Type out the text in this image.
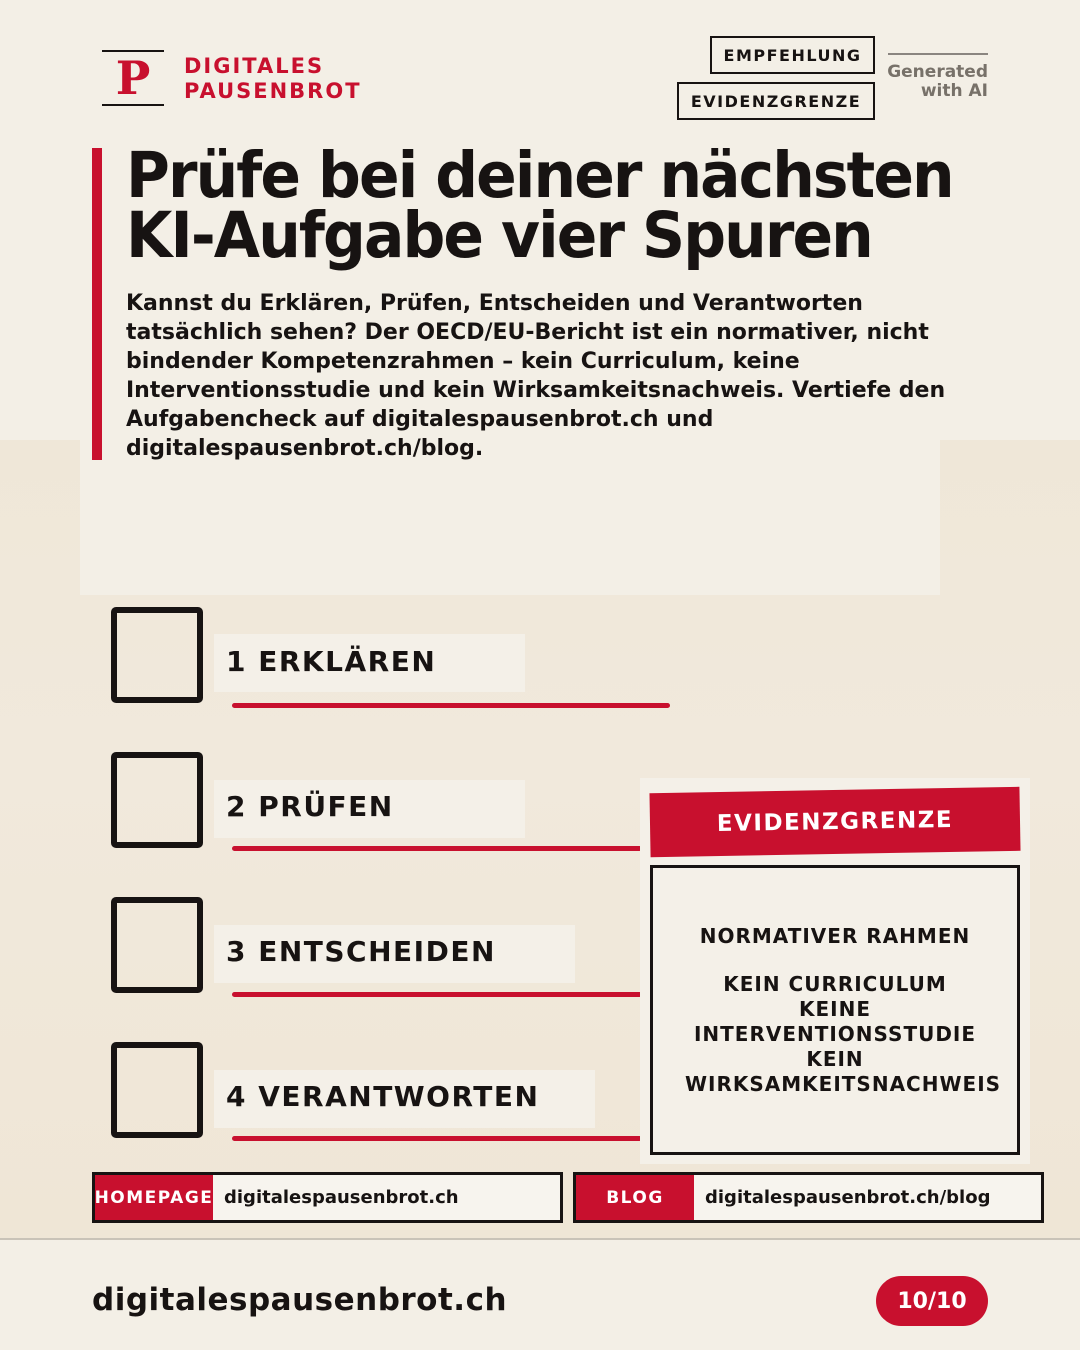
P DIGITALES
PAUSENBROT
EMPFEHLUNG
EVIDENZGRENZE
Generated
with AI
Prüfe bei deiner nächsten
KI-Aufgabe vier Spuren

Kannst du Erklären, Prüfen, Entscheiden und Verantworten tatsächlich sehen? Der OECD/EU-Bericht ist ein normativer, nicht bindender Kompetenzrahmen – kein Curriculum, keine Interventionsstudie und kein Wirksamkeitsnachweis. Vertiefe den Aufgabencheck auf digitalespausenbrot.ch und digitalespausenbrot.ch/blog.

1 ERKLÄREN
2 PRÜFEN
3 ENTSCHEIDEN
4 VERANTWORTEN
EVIDENZGRENZE
NORMATIVER RAHMEN
KEIN CURRICULUM
KEINE INTERVENTIONSSTUDIE
KEIN WIRKSAMKEITSNACHWEIS
HOMEPAGE digitalespausenbrot.ch	BLOG	digitalespausenbrot.ch/blog
digitalespausenbrot.ch	10/10
